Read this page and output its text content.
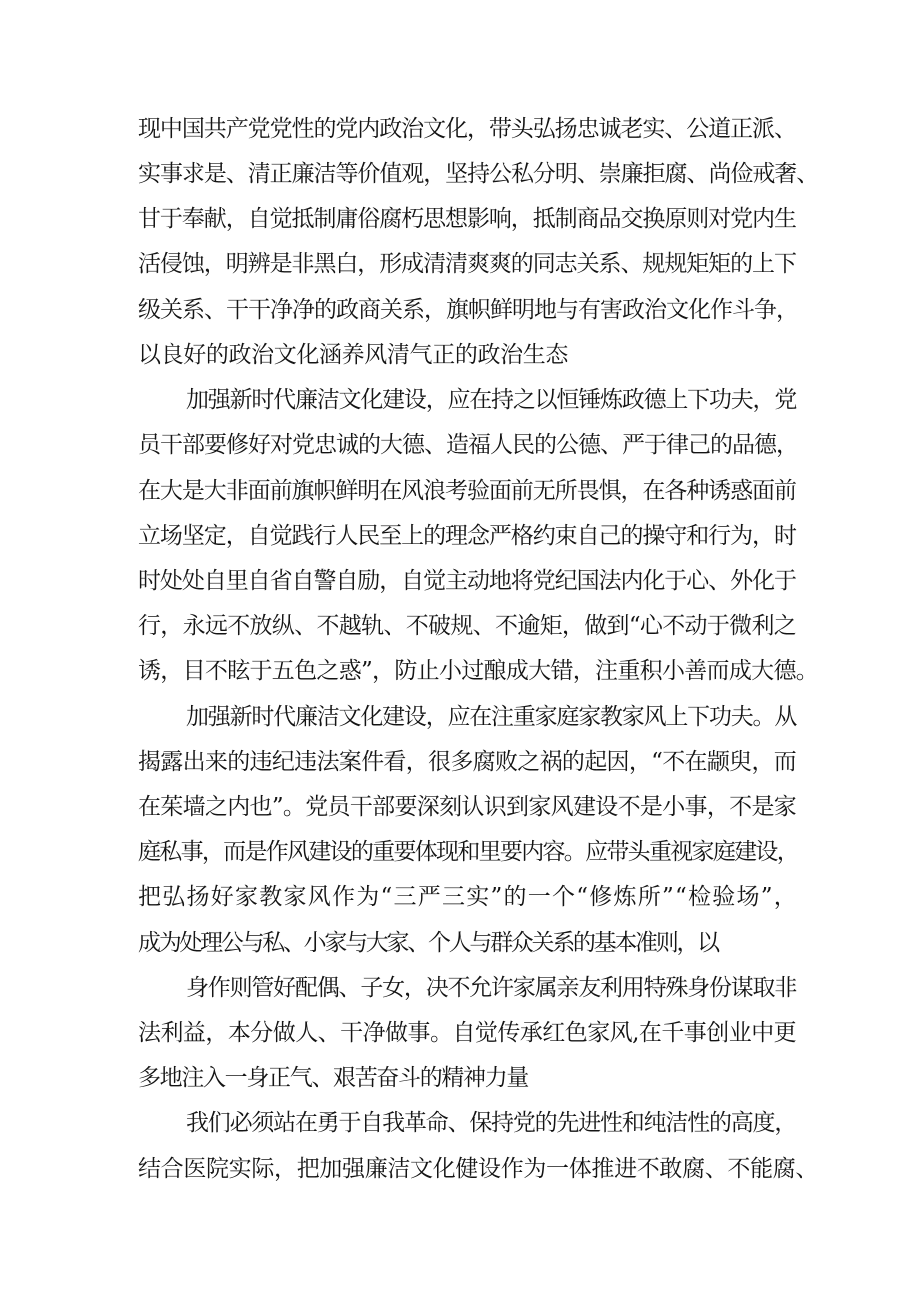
现中国共产党党性的党内政治文化，带头弘扬忠诚老实、公道正派、
实事求是、清正廉洁等价值观，坚持公私分明、崇廉拒腐、尚俭戒奢、
甘于奉献，自觉抵制庸俗腐朽思想影响，抵制商品交换原则对党内生
活侵蚀，明辨是非黑白，形成清清爽爽的同志关系、规规矩矩的上下
级关系、干干净净的政商关系，旗帜鲜明地与有害政治文化作斗争，
以良好的政治文化涵养风清气正的政治生态
加强新时代廉洁文化建设，应在持之以恒锤炼政德上下功夫，党
员干部要修好对党忠诚的大德、造福人民的公德、严于律己的品德，
在大是大非面前旗帜鲜明在风浪考验面前无所畏惧，在各种诱惑面前
立场坚定，自觉践行人民至上的理念严格约束自己的操守和行为，时
时处处自里自省自警自励，自觉主动地将党纪国法内化于心、外化于
行，永远不放纵、不越轨、不破规、不逾矩，做到“心不动于微利之
诱，目不眩于五色之惑”，防止小过酿成大错，注重积小善而成大德。
加强新时代廉洁文化建设，应在注重家庭家教家风上下功夫。从
揭露出来的违纪违法案件看，很多腐败之祸的起因，“不在颛臾，而
在茱墙之内也”。党员干部要深刻认识到家风建设不是小事，不是家
庭私事，而是作风建设的重要体现和里要内容。应带头重视家庭建设，
把弘扬好家教家风作为“三严三实”的一个“修炼所”“检验场”，
成为处理公与私、小家与大家、个人与群众关系的基本准则，以
身作则管好配偶、子女，决不允许家属亲友利用特殊身份谋取非
法利益，本分做人、干净做事。自觉传承红色家风,在千事创业中更
多地注入一身正气、艰苦奋斗的精神力量
我们必须站在勇于自我革命、保持党的先进性和纯洁性的高度，
结合医院实际，把加强廉洁文化健设作为一体推进不敢腐、不能腐、
